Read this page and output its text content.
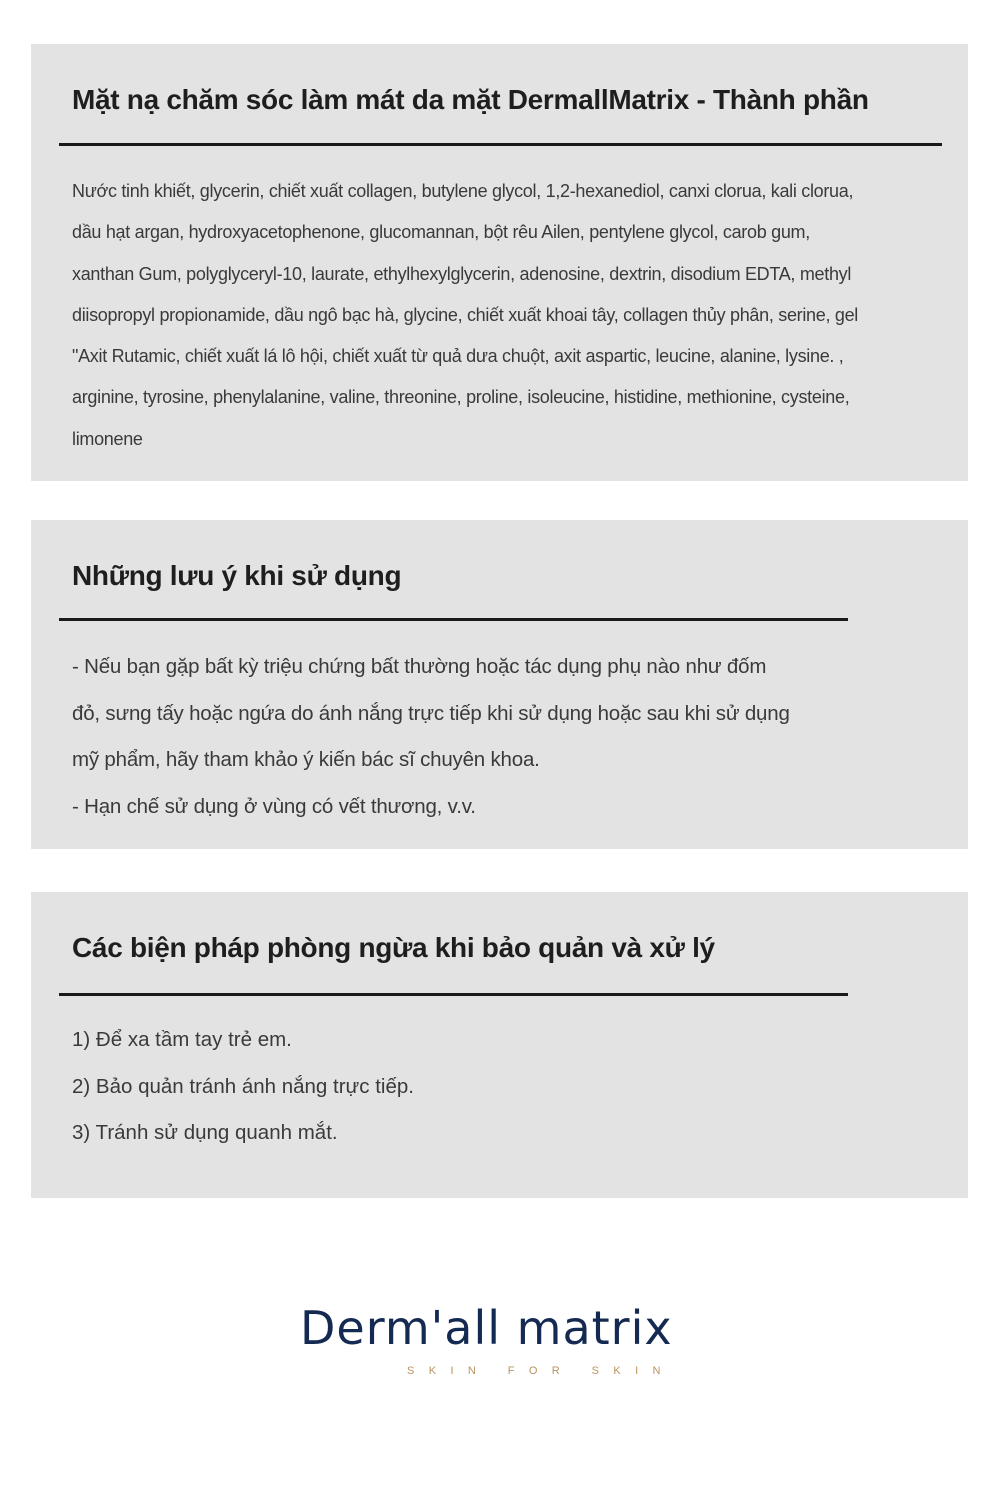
Mặt nạ chăm sóc làm mát da mặt DermallMatrix - Thành phần

Nước tinh khiết, glycerin, chiết xuất collagen, butylene glycol, 1,2-hexanediol, canxi clorua, kali clorua,
dầu hạt argan, hydroxyacetophenone, glucomannan, bột rêu Ailen, pentylene glycol, carob gum,
xanthan Gum, polyglyceryl-10, laurate, ethylhexylglycerin, adenosine, dextrin, disodium EDTA, methyl
diisopropyl propionamide, dầu ngô bạc hà, glycine, chiết xuất khoai tây, collagen thủy phân, serine, gel
"Axit Rutamic, chiết xuất lá lô hội, chiết xuất từ quả dưa chuột, axit aspartic, leucine, alanine, lysine. ,
arginine, tyrosine, phenylalanine, valine, threonine, proline, isoleucine, histidine, methionine, cysteine,
limonene

Những lưu ý khi sử dụng

- Nếu bạn gặp bất kỳ triệu chứng bất thường hoặc tác dụng phụ nào như đốm
đỏ, sưng tấy hoặc ngứa do ánh nắng trực tiếp khi sử dụng hoặc sau khi sử dụng
mỹ phẩm, hãy tham khảo ý kiến bác sĩ chuyên khoa.
- Hạn chế sử dụng ở vùng có vết thương, v.v.

Các biện pháp phòng ngừa khi bảo quản và xử lý

1) Để xa tầm tay trẻ em.
2) Bảo quản tránh ánh nắng trực tiếp.
3) Tránh sử dụng quanh mắt.

Derm'all matrix
SKIN FOR SKIN
